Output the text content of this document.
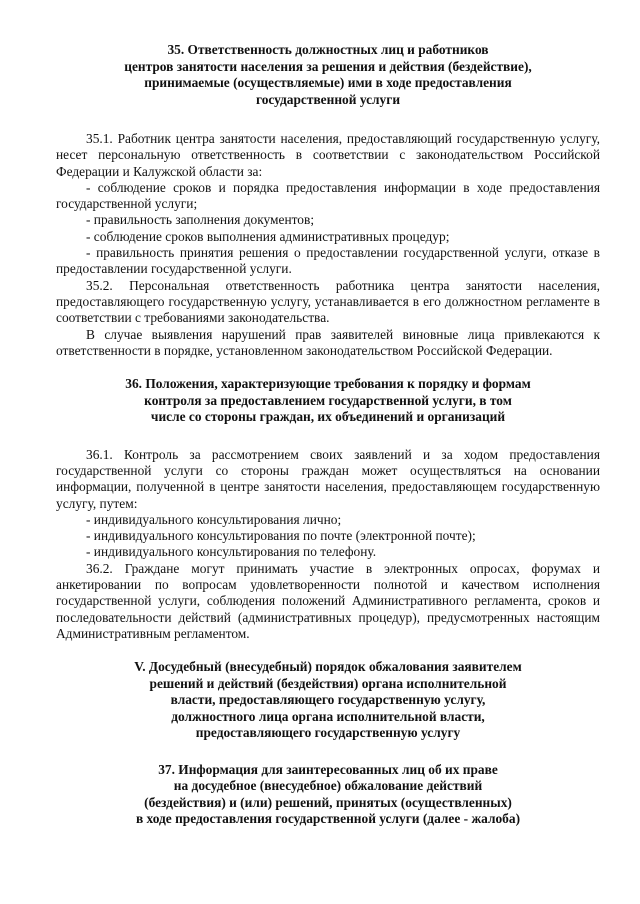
35. Ответственность должностных лиц и работников
центров занятости населения за решения и действия (бездействие),
принимаемые (осуществляемые) ими в ходе предоставления
государственной услуги

35.1. Работник центра занятости населения, предоставляющий государственную услугу, несет персональную ответственность в соответствии с законодательством Российской Федерации и Калужской области за:

- соблюдение сроков и порядка предоставления информации в ходе предоставления государственной услуги;

- правильность заполнения документов;

- соблюдение сроков выполнения административных процедур;

- правильность принятия решения о предоставлении государственной услуги, отказе в предоставлении государственной услуги.

35.2. Персональная ответственность работника центра занятости населения, предоставляющего государственную услугу, устанавливается в его должностном регламенте в соответствии с требованиями законодательства.

В случае выявления нарушений прав заявителей виновные лица привлекаются к ответственности в порядке, установленном законодательством Российской Федерации.

36. Положения, характеризующие требования к порядку и формам
контроля за предоставлением государственной услуги, в том
числе со стороны граждан, их объединений и организаций

36.1. Контроль за рассмотрением своих заявлений и за ходом предоставления государственной услуги со стороны граждан может осуществляться на основании информации, полученной в центре занятости населения, предоставляющем государственную услугу, путем:

- индивидуального консультирования лично;

- индивидуального консультирования по почте (электронной почте);

- индивидуального консультирования по телефону.

36.2. Граждане могут принимать участие в электронных опросах, форумах и анкетировании по вопросам удовлетворенности полнотой и качеством исполнения государственной услуги, соблюдения положений Административного регламента, сроков и последовательности действий (административных процедур), предусмотренных настоящим Административным регламентом.

V. Досудебный (внесудебный) порядок обжалования заявителем
решений и действий (бездействия) органа исполнительной
власти, предоставляющего государственную услугу,
должностного лица органа исполнительной власти,
предоставляющего государственную услугу
37. Информация для заинтересованных лиц об их праве
на досудебное (внесудебное) обжалование действий
(бездействия) и (или) решений, принятых (осуществленных)
в ходе предоставления государственной услуги (далее - жалоба)
